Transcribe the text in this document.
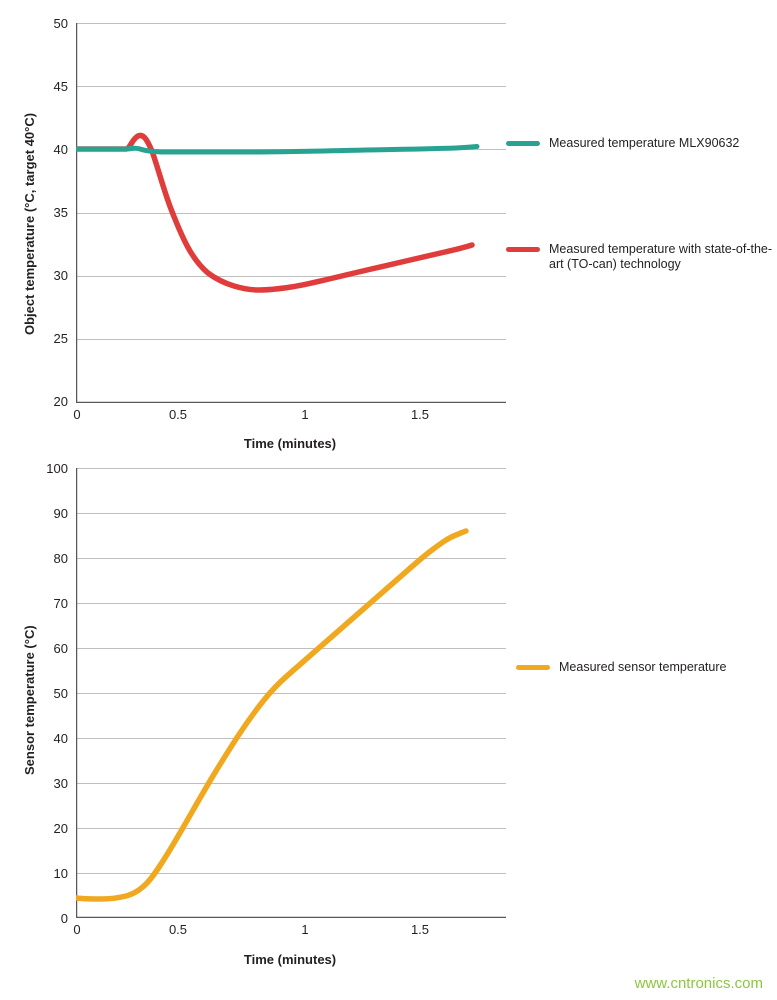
Object temperature (°C, target 40°C)
50
45
40
35
30
25
20
0	0.5	1	1.5
Time (minutes)
Measured temperature MLX90632
Measured temperature with state-of-the-art (TO-can) technology
Sensor temperature (°C)
100
90
80
70
60
50
40
30
20
10
0
0	0.5	1	1.5
Time (minutes)
Measured sensor temperature
www.cntronics.com
